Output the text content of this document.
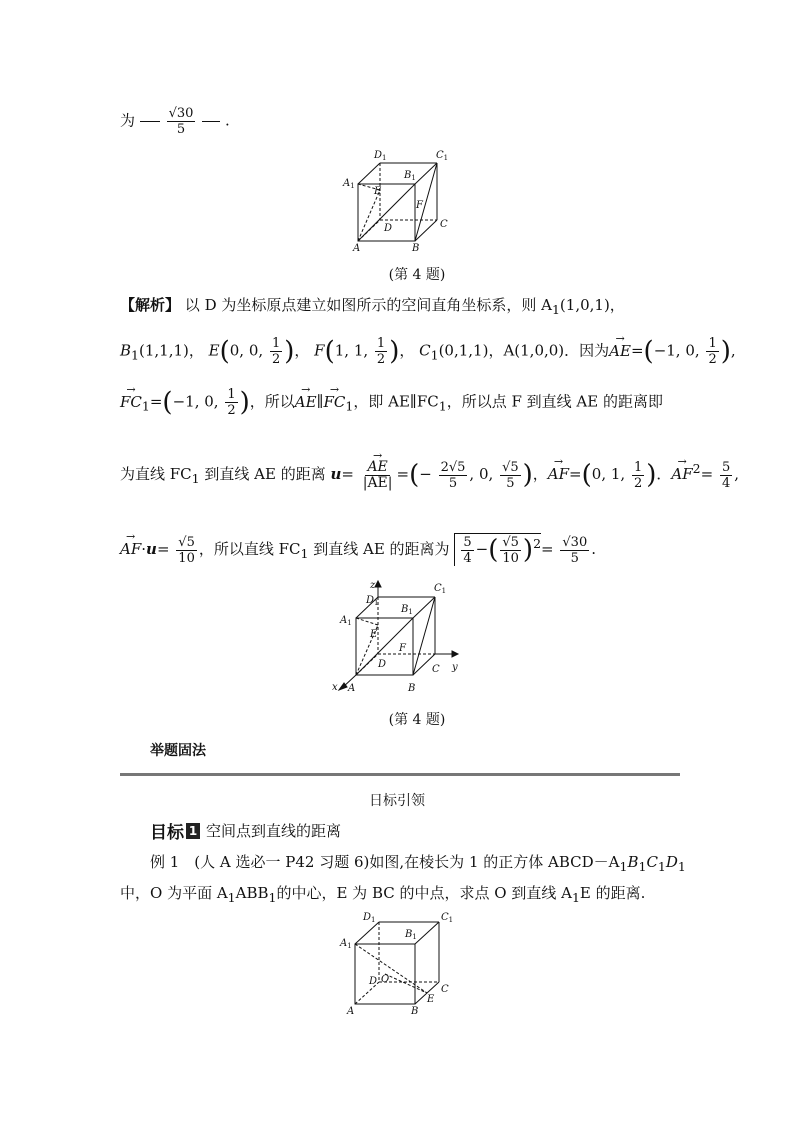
为 $\frac{√30}{5}$ .
$D_1$	$C_1$
$A_1$
$B_1$
E
F
D	C
A	B
(第 4 题)
【解析】 以 D 为坐标原点建立如图所示的空间直角坐标系，则 $A_1(1,0,1)$，
$B_1(1,1,1)$， E(0, 0, $\frac{1}{2}$ )， F(1, 1, $\frac{1}{2}$ )， $C_1(0,1,1)$，A(1,0,0)．因为→ AE=(−1, 0, $\frac{1}{2}$ ),
→ $FC_1=(-1$, 0, $\frac{1}{2}$ )，所以→ AE∥→ $FC_1$，即 $AE\parallel FC_1$，所以点 F 到直线 AE 的距离即
为直线 $FC_1$ 到直线 AE 的距离 u=
→ $\frac{AE}{|AE|}$ =(− $\frac{2√5}{5}$ , 0, $\frac{√5}{5}$ )，→ AF=(0, 1, $\frac{1}{2}$ )．→ $AF^2= \frac{5}{4}$ ,
→ $AF\cdot u= \frac{√5}{10}$ ，所以直线 $FC_1$ 到直线 AE 的距离为 $\frac{5}{4}$ −( $\frac{√5}{10} )^2= \frac{√30}{5}$ .
z
y
x
$D_1$
$C_1$
$A_1$
$B_1$
E
F
D	C
A	B
(第 4 题)
举题固法
日标引领
目标 1 空间点到直线的距离
例 1　(人 A 选必一 P42 习题 6)如图,在棱长为 1 的正方体 $ABCD-A_1B_1C_1D_1$
中，O 为平面 $A_1ABB_1$的中心，E 为 BC 的中点，求点 O 到直线 $A_1E$ 的距离.
$D_1$	$C_1$
$A_1$
$B_1$
O
D
C
E
A	B
